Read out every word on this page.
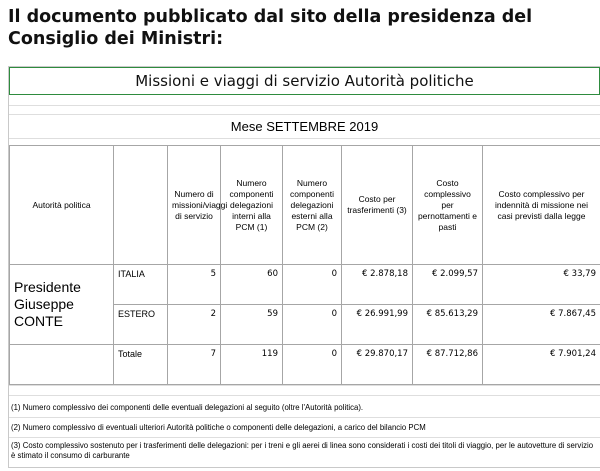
Il documento pubblicato dal sito della presidenza del Consiglio dei Ministri:
Missioni e viaggi di servizio Autorità politiche
Mese SETTEMBRE 2019
Autorità politica		Numero di missioni/viaggi di servizio	Numero componenti delegazioni interni alla PCM (1)	Numero componenti delegazioni esterni alla PCM (2)	Costo per trasferimenti (3)	Costo complessivo per pernottamenti e pasti	Costo complessivo per indennità di missione nei casi previsti dalla legge
Presidente Giuseppe CONTE	ITALIA	5	60	0	€ 2.878,18	€ 2.099,57	€ 33,79
	ESTERO	2	59	0	€ 26.991,99	€ 85.613,29	€ 7.867,45
	Totale	7	119	0	€ 29.870,17	€ 87.712,86	€ 7.901,24
(1) Numero complessivo dei componenti delle eventuali delegazioni al seguito (oltre l'Autorità politica).
(2) Numero complessivo di eventuali ulteriori Autorità politiche o componenti delle delegazioni, a carico del bilancio PCM
(3) Costo complessivo sostenuto per i trasferimenti delle delegazioni: per i treni e gli aerei di linea sono considerati i costi dei titoli di viaggio, per le autovetture di servizio è stimato il consumo di carburante
